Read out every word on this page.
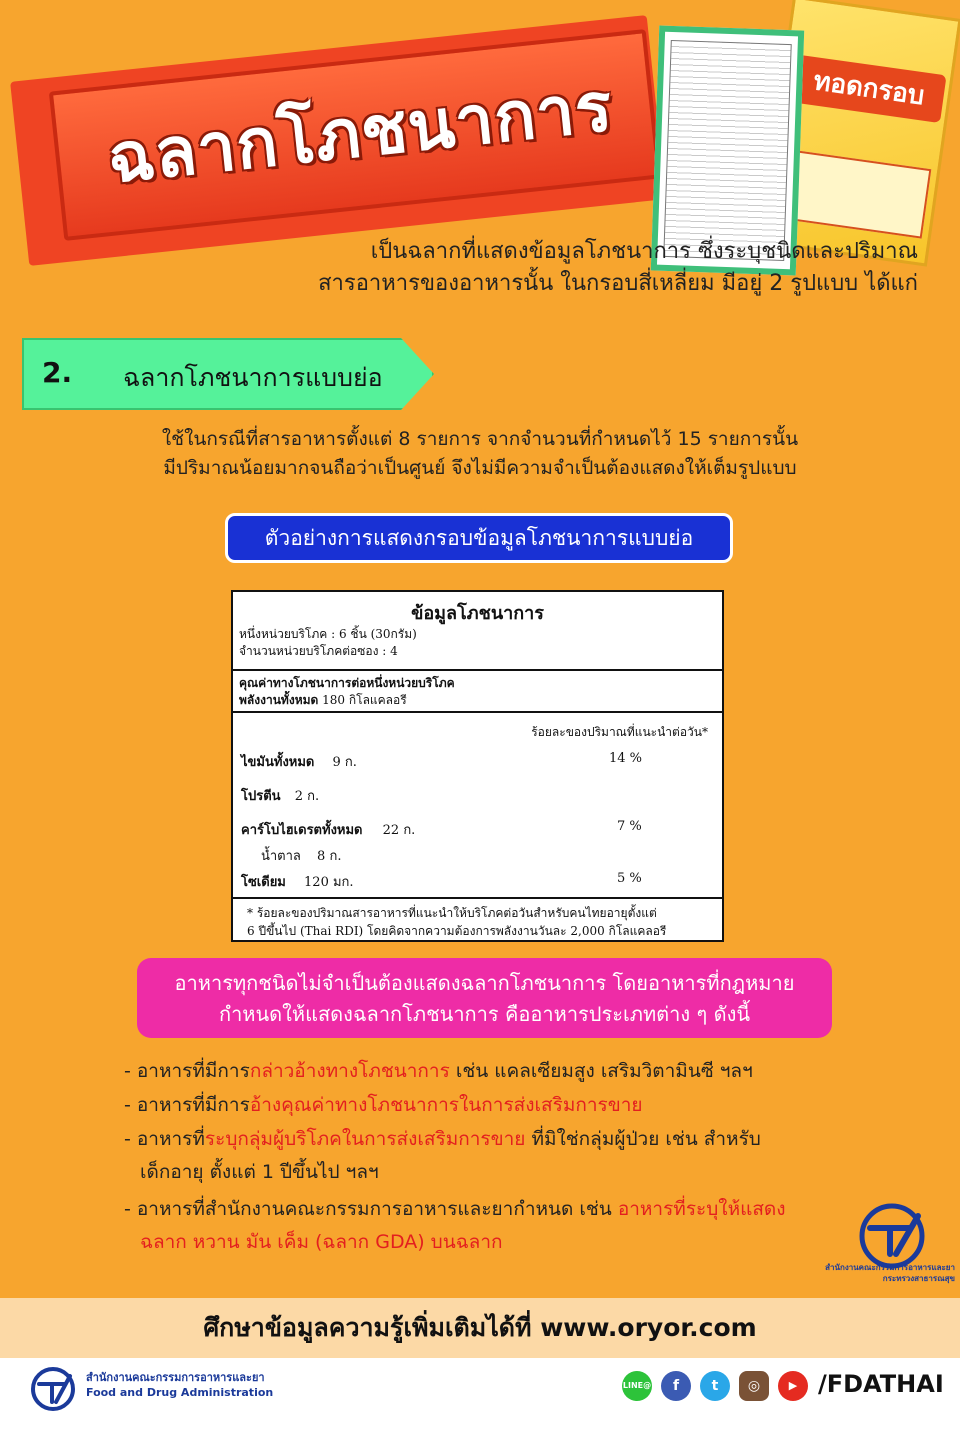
ฉลากโภชนาการ	ทอดกรอบ
เป็นฉลากที่แสดงข้อมูลโภชนาการ ซึ่งระบุชนิดและปริมาณ
สารอาหารของอาหารนั้น ในกรอบสี่เหลี่ยม มีอยู่ 2 รูปแบบ ได้แก่
2. ฉลากโภชนาการแบบย่อ
ใช้ในกรณีที่สารอาหารตั้งแต่ 8 รายการ จากจำนวนที่กำหนดไว้ 15 รายการนั้น
มีปริมาณน้อยมากจนถือว่าเป็นศูนย์ จึงไม่มีความจำเป็นต้องแสดงให้เต็มรูปแบบ
ตัวอย่างการแสดงกรอบข้อมูลโภชนาการแบบย่อ
ข้อมูลโภชนาการ
หนึ่งหน่วยบริโภค : 6 ชิ้น (30กรัม)
จำนวนหน่วยบริโภคต่อซอง : 4
คุณค่าทางโภชนาการต่อหนึ่งหน่วยบริโภค
พลังงานทั้งหมด 180 กิโลแคลอรี
ร้อยละของปริมาณที่แนะนำต่อวัน*
ไขมันทั้งหมด 9 ก.	14 %
โปรตีน 2 ก.
คาร์โบไฮเดรตทั้งหมด 22 ก.	7 %
น้ำตาล 8 ก.
โซเดียม 120 มก.	5 %
* ร้อยละของปริมาณสารอาหารที่แนะนำให้บริโภคต่อวันสำหรับคนไทยอายุตั้งแต่
6 ปีขึ้นไป (Thai RDI) โดยคิดจากความต้องการพลังงานวันละ 2,000 กิโลแคลอรี
อาหารทุกชนิดไม่จำเป็นต้องแสดงฉลากโภชนาการ โดยอาหารที่กฎหมาย
กำหนดให้แสดงฉลากโภชนาการ คืออาหารประเภทต่าง ๆ ดังนี้
- อาหารที่มีการกล่าวอ้างทางโภชนาการ เช่น แคลเซียมสูง เสริมวิตามินซี ฯลฯ
- อาหารที่มีการอ้างคุณค่าทางโภชนาการในการส่งเสริมการขาย
- อาหารที่ระบุกลุ่มผู้บริโภคในการส่งเสริมการขาย ที่มิใช่กลุ่มผู้ป่วย เช่น สำหรับ
เด็กอายุ ตั้งแต่ 1 ปีขึ้นไป ฯลฯ
- อาหารที่สำนักงานคณะกรรมการอาหารและยากำหนด เช่น อาหารที่ระบุให้แสดง
ฉลาก หวาน มัน เค็ม (ฉลาก GDA) บนฉลาก
สำนักงานคณะกรรมการอาหารและยา
กระทรวงสาธารณสุข
ศึกษาข้อมูลความรู้เพิ่มเติมได้ที่ www.oryor.com
สำนักงานคณะกรรมการอาหารและยา
Food and Drug Administration
LINE@	f	t	◎	▶ /FDATHAI
